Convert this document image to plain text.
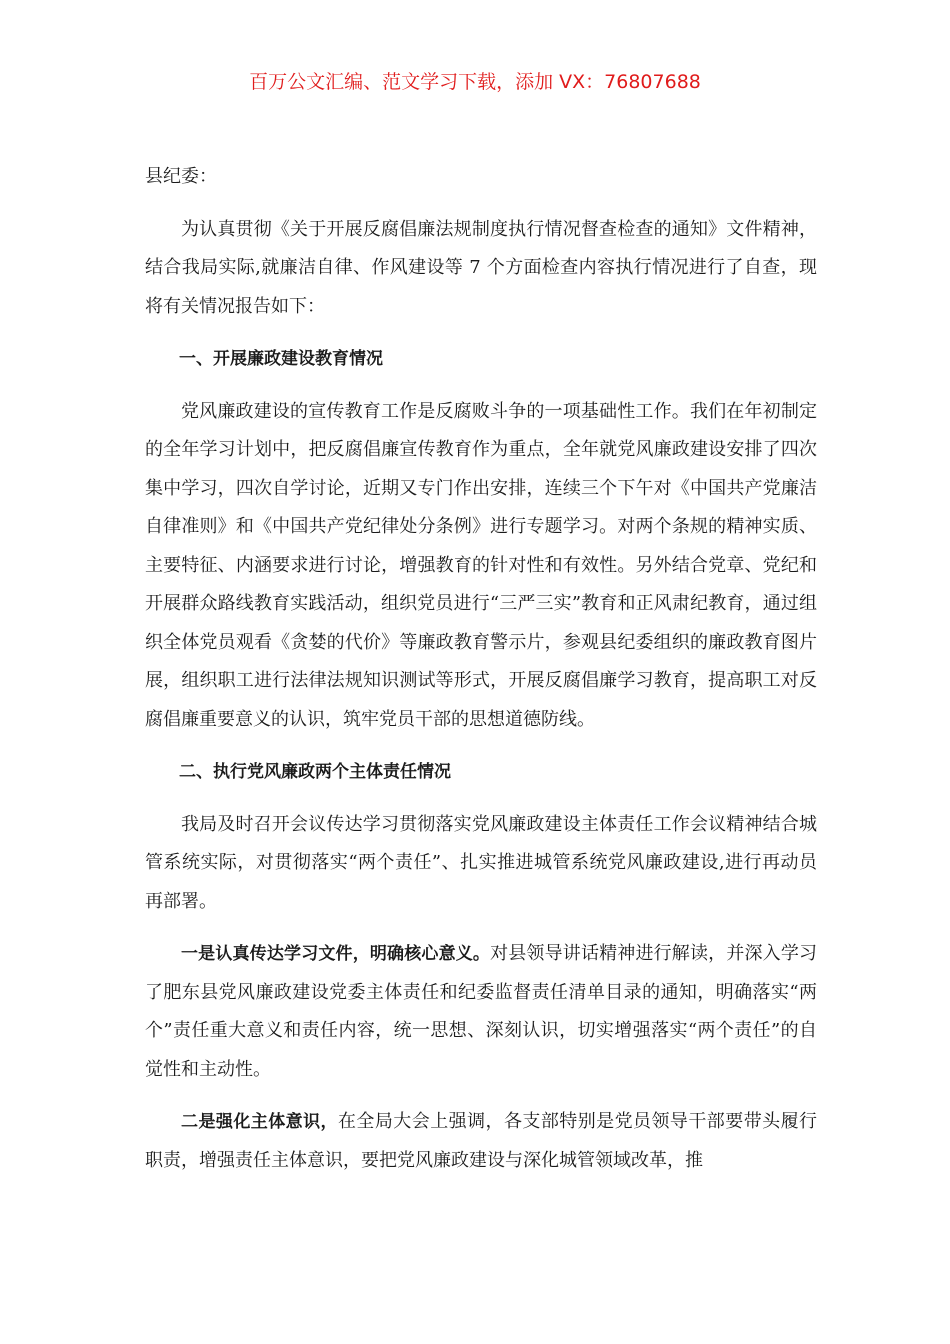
百万公文汇编、范文学习下载，添加 VX：76807688

县纪委：

为认真贯彻《关于开展反腐倡廉法规制度执行情况督查检查的通知》文件精神，结合我局实际,就廉洁自律、作风建设等 7 个方面检查内容执行情况进行了自查，现将有关情况报告如下：

一、开展廉政建设教育情况

党风廉政建设的宣传教育工作是反腐败斗争的一项基础性工作。我们在年初制定的全年学习计划中，把反腐倡廉宣传教育作为重点，全年就党风廉政建设安排了四次集中学习，四次自学讨论，近期又专门作出安排，连续三个下午对《中国共产党廉洁自律准则》和《中国共产党纪律处分条例》进行专题学习。对两个条规的精神实质、主要特征、内涵要求进行讨论，增强教育的针对性和有效性。另外结合党章、党纪和开展群众路线教育实践活动，组织党员进行“三严三实”教育和正风肃纪教育，通过组织全体党员观看《贪婪的代价》等廉政教育警示片，参观县纪委组织的廉政教育图片展，组织职工进行法律法规知识测试等形式，开展反腐倡廉学习教育，提高职工对反腐倡廉重要意义的认识，筑牢党员干部的思想道德防线。

二、执行党风廉政两个主体责任情况

我局及时召开会议传达学习贯彻落实党风廉政建设主体责任工作会议精神结合城管系统实际，对贯彻落实“两个责任”、扎实推进城管系统党风廉政建设,进行再动员再部署。

一是认真传达学习文件，明确核心意义。对县领导讲话精神进行解读，并深入学习了肥东县党风廉政建设党委主体责任和纪委监督责任清单目录的通知，明确落实“两个”责任重大意义和责任内容，统一思想、深刻认识，切实增强落实“两个责任”的自觉性和主动性。

二是强化主体意识，在全局大会上强调，各支部特别是党员领导干部要带头履行职责，增强责任主体意识，要把党风廉政建设与深化城管领域改革，推
